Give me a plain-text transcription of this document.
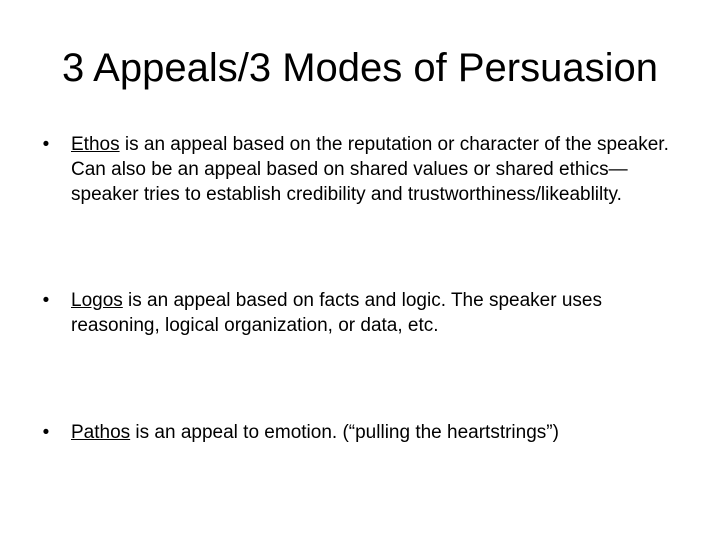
3 Appeals/3 Modes of Persuasion

•	Ethos is an appeal based on the reputation or character of the speaker. Can also be an appeal based on shared values or shared ethics—speaker tries to establish credibility and trustworthiness/likeablilty.

•	Logos is an appeal based on facts and logic. The speaker uses reasoning, logical organization, or data, etc.

•	Pathos is an appeal to emotion. (“pulling the heartstrings”)
